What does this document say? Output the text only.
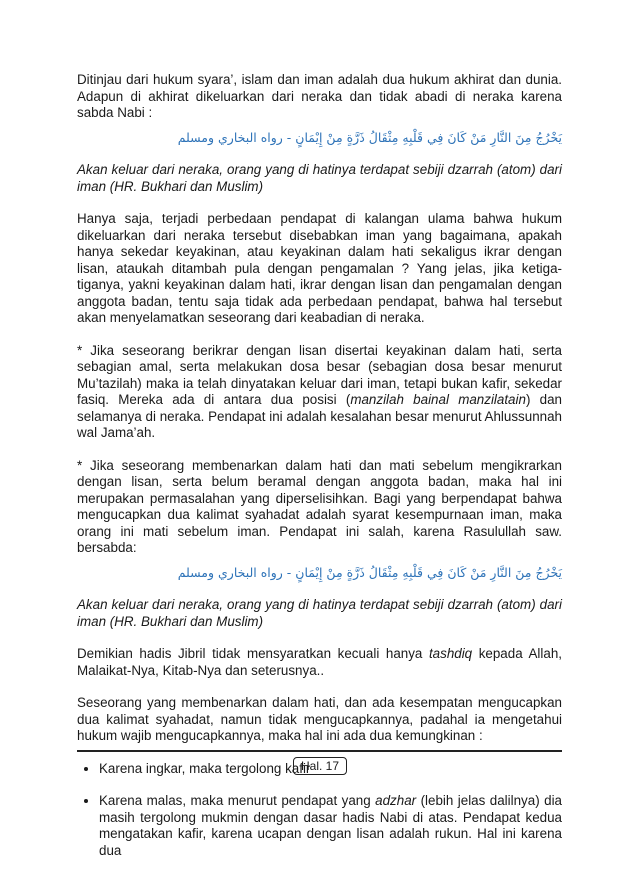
Ditinjau dari hukum syara’, islam dan iman adalah dua hukum akhirat dan dunia. Adapun di akhirat dikeluarkan dari neraka dan tidak abadi di neraka karena sabda Nabi :

يَخْرُجُ مِنَ النَّارِ مَنْ كَانَ فِي قَلْبِهِ مِثْقَالُ ذَرَّةٍ مِنْ إِيْمَانٍ - رواه البخاري ومسلم

Akan keluar dari neraka, orang yang di hatinya terdapat sebiji dzarrah (atom) dari iman (HR. Bukhari dan Muslim)

Hanya saja, terjadi perbedaan pendapat di kalangan ulama bahwa hukum dikeluarkan dari neraka tersebut disebabkan iman yang bagaimana, apakah hanya sekedar keyakinan, atau keyakinan dalam hati sekaligus ikrar dengan lisan, ataukah ditambah pula dengan pengamalan ? Yang jelas, jika ketiga-tiganya, yakni keyakinan dalam hati, ikrar dengan lisan dan pengamalan dengan anggota badan, tentu saja tidak ada perbedaan pendapat, bahwa hal tersebut akan menyelamatkan seseorang dari keabadian di neraka.

* Jika seseorang berikrar dengan lisan disertai keyakinan dalam hati, serta sebagian amal, serta melakukan dosa besar (sebagian dosa besar menurut Mu’tazilah) maka ia telah dinyatakan keluar dari iman, tetapi bukan kafir, sekedar fasiq. Mereka ada di antara dua posisi (manzilah bainal manzilatain) dan selamanya di neraka. Pendapat ini adalah kesalahan besar menurut Ahlussunnah wal Jama’ah.

* Jika seseorang membenarkan dalam hati dan mati sebelum mengikrarkan dengan lisan, serta belum beramal dengan anggota badan, maka hal ini merupakan permasalahan yang diperselisihkan. Bagi yang berpendapat bahwa mengucapkan dua kalimat syahadat adalah syarat kesempurnaan iman, maka orang ini mati sebelum iman. Pendapat ini salah, karena Rasulullah saw. bersabda:

يَخْرُجُ مِنَ النَّارِ مَنْ كَانَ فِي قَلْبِهِ مِثْقَالُ ذَرَّةٍ مِنْ إِيْمَانٍ - رواه البخاري ومسلم

Akan keluar dari neraka, orang yang di hatinya terdapat sebiji dzarrah (atom) dari iman (HR. Bukhari dan Muslim)

Demikian hadis Jibril tidak mensyaratkan kecuali hanya tashdiq kepada Allah, Malaikat-Nya, Kitab-Nya dan seterusnya..

Seseorang yang membenarkan dalam hati, dan ada kesempatan mengucapkan dua kalimat syahadat, namun tidak mengucapkannya, padahal ia mengetahui hukum wajib mengucapkannya, maka hal ini ada dua kemungkinan :

• Karena ingkar, maka tergolong kafir
• Karena malas, maka menurut pendapat yang adzhar (lebih jelas dalilnya) dia masih tergolong mukmin dengan dasar hadis Nabi di atas. Pendapat kedua mengatakan kafir, karena ucapan dengan lisan adalah rukun. Hal ini karena dua
Hal. 17
